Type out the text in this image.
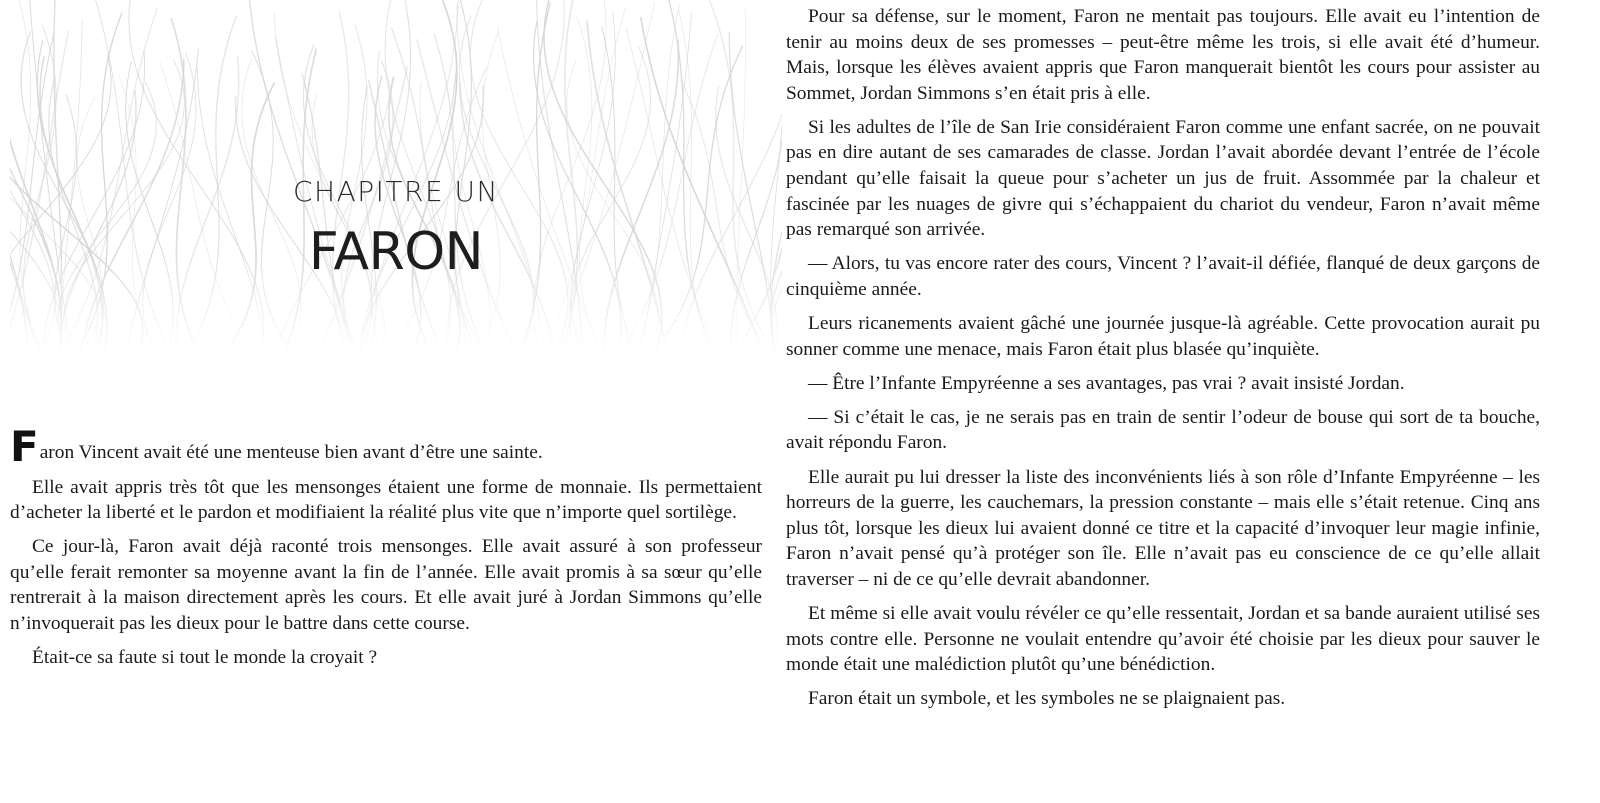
CHAPITRE UN
FARON

Faron Vincent avait été une menteuse bien avant d’être une sainte.

Elle avait appris très tôt que les mensonges étaient une forme de monnaie. Ils permettaient d’acheter la liberté et le pardon et modifiaient la réalité plus vite que n’importe quel sortilège.

Ce jour-là, Faron avait déjà raconté trois mensonges. Elle avait assuré à son professeur qu’elle ferait remonter sa moyenne avant la fin de l’année. Elle avait promis à sa sœur qu’elle rentrerait à la maison directement après les cours. Et elle avait juré à Jordan Simmons qu’elle n’invoquerait pas les dieux pour le battre dans cette course.

Était-ce sa faute si tout le monde la croyait ?

Pour sa défense, sur le moment, Faron ne mentait pas toujours. Elle avait eu l’intention de tenir au moins deux de ses promesses – peut-être même les trois, si elle avait été d’humeur. Mais, lorsque les élèves avaient appris que Faron manquerait bientôt les cours pour assister au Sommet, Jordan Simmons s’en était pris à elle.

Si les adultes de l’île de San Irie considéraient Faron comme une enfant sacrée, on ne pouvait pas en dire autant de ses camarades de classe. Jordan l’avait abordée devant l’entrée de l’école pendant qu’elle faisait la queue pour s’acheter un jus de fruit. Assommée par la chaleur et fascinée par les nuages de givre qui s’échappaient du chariot du vendeur, Faron n’avait même pas remarqué son arrivée.

— Alors, tu vas encore rater des cours, Vincent ? l’avait-il défiée, flanqué de deux garçons de cinquième année.

Leurs ricanements avaient gâché une journée jusque-là agréable. Cette provocation aurait pu sonner comme une menace, mais Faron était plus blasée qu’inquiète.

— Être l’Infante Empyréenne a ses avantages, pas vrai ? avait insisté Jordan.

— Si c’était le cas, je ne serais pas en train de sentir l’odeur de bouse qui sort de ta bouche, avait répondu Faron.

Elle aurait pu lui dresser la liste des inconvénients liés à son rôle d’Infante Empyréenne – les horreurs de la guerre, les cauchemars, la pression constante – mais elle s’était retenue. Cinq ans plus tôt, lorsque les dieux lui avaient donné ce titre et la capacité d’invoquer leur magie infinie, Faron n’avait pensé qu’à protéger son île. Elle n’avait pas eu conscience de ce qu’elle allait traverser – ni de ce qu’elle devrait abandonner.

Et même si elle avait voulu révéler ce qu’elle ressentait, Jordan et sa bande auraient utilisé ses mots contre elle. Personne ne voulait entendre qu’avoir été choisie par les dieux pour sauver le monde était une malédiction plutôt qu’une bénédiction.

Faron était un symbole, et les symboles ne se plaignaient pas.
